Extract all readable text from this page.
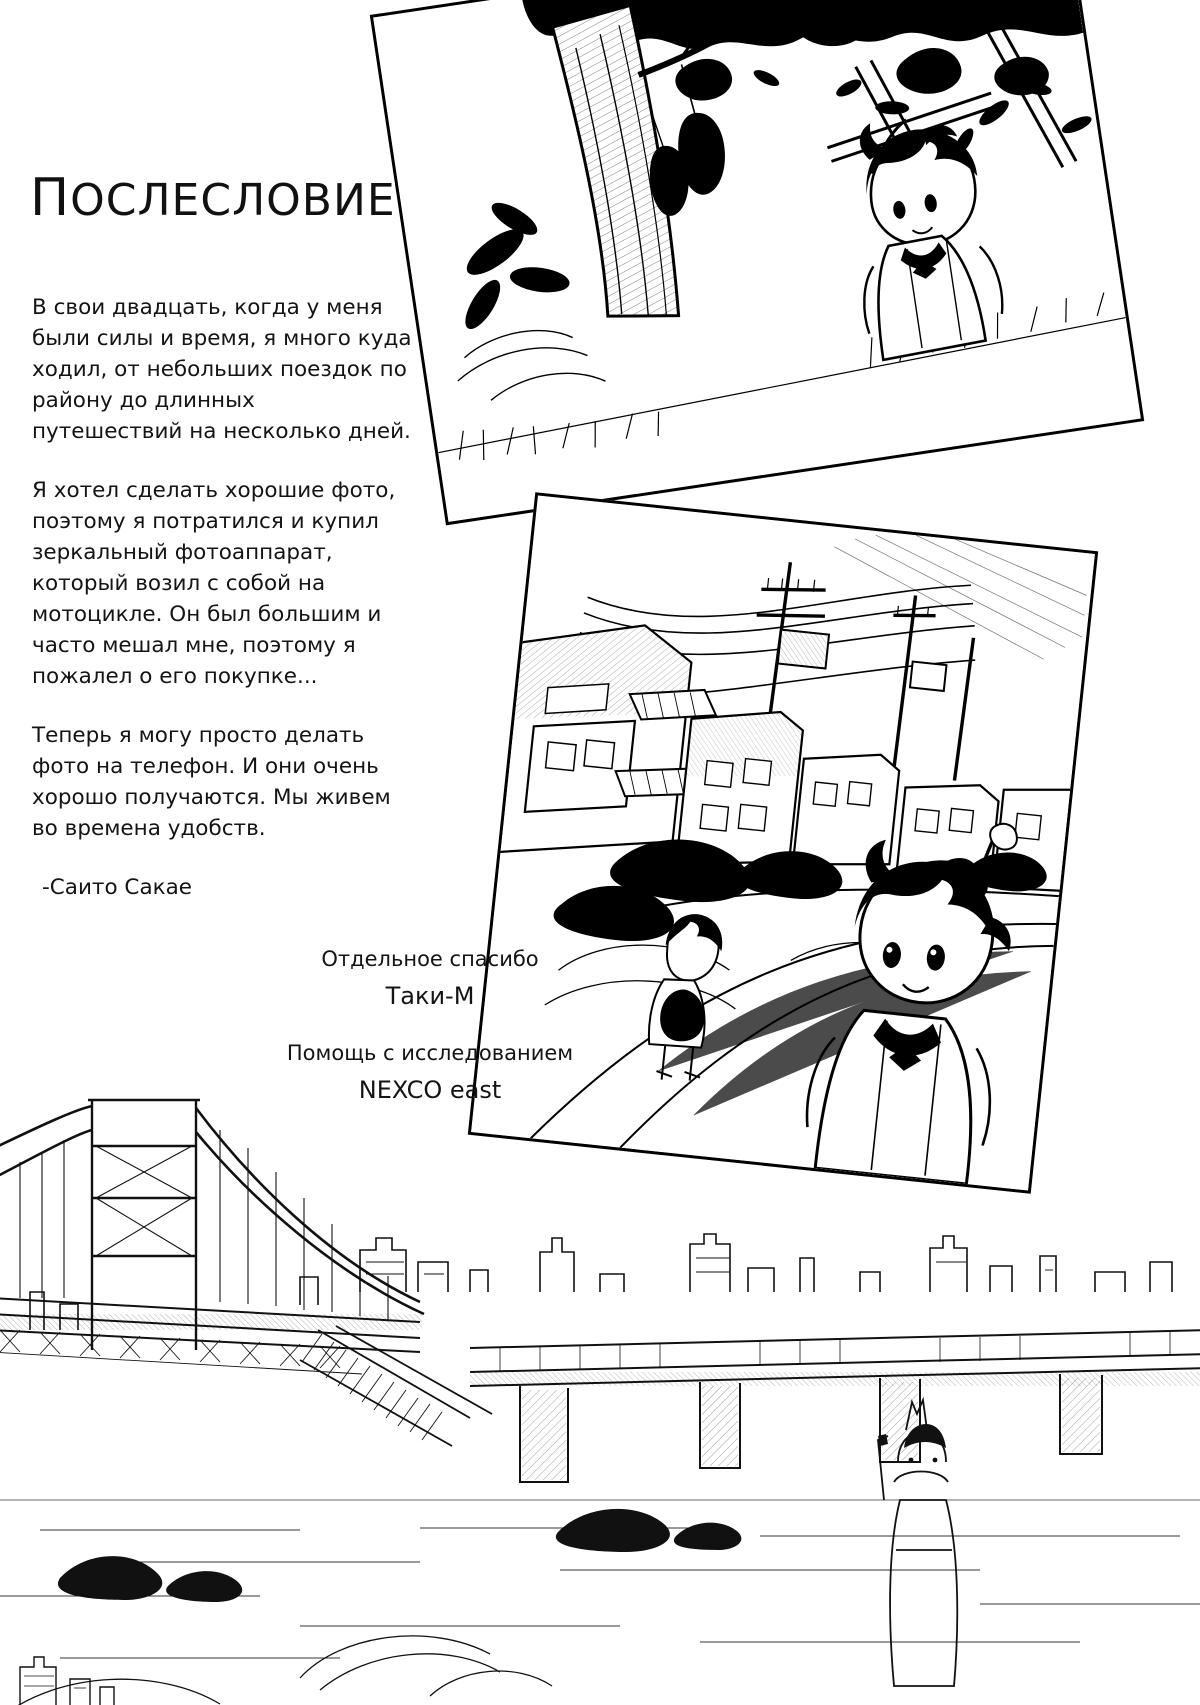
ПОСЛЕСЛОВИЕ

В свои двадцать, когда у меня были силы и время, я много куда ходил, от небольших поездок по району до длинных путешествий на несколько дней.

Я хотел сделать хорошие фото, поэтому я потратился и купил зеркальный фотоаппарат, который возил с собой на мотоцикле. Он был большим и часто мешал мне, поэтому я пожалел о его покупке...

Теперь я могу просто делать фото на телефон. И они очень хорошо получаются. Мы живем во времена удобств.

-Саито Сакае

Отдельное спасибо
Таки-М
Помощь с исследованием
NEXCO east
